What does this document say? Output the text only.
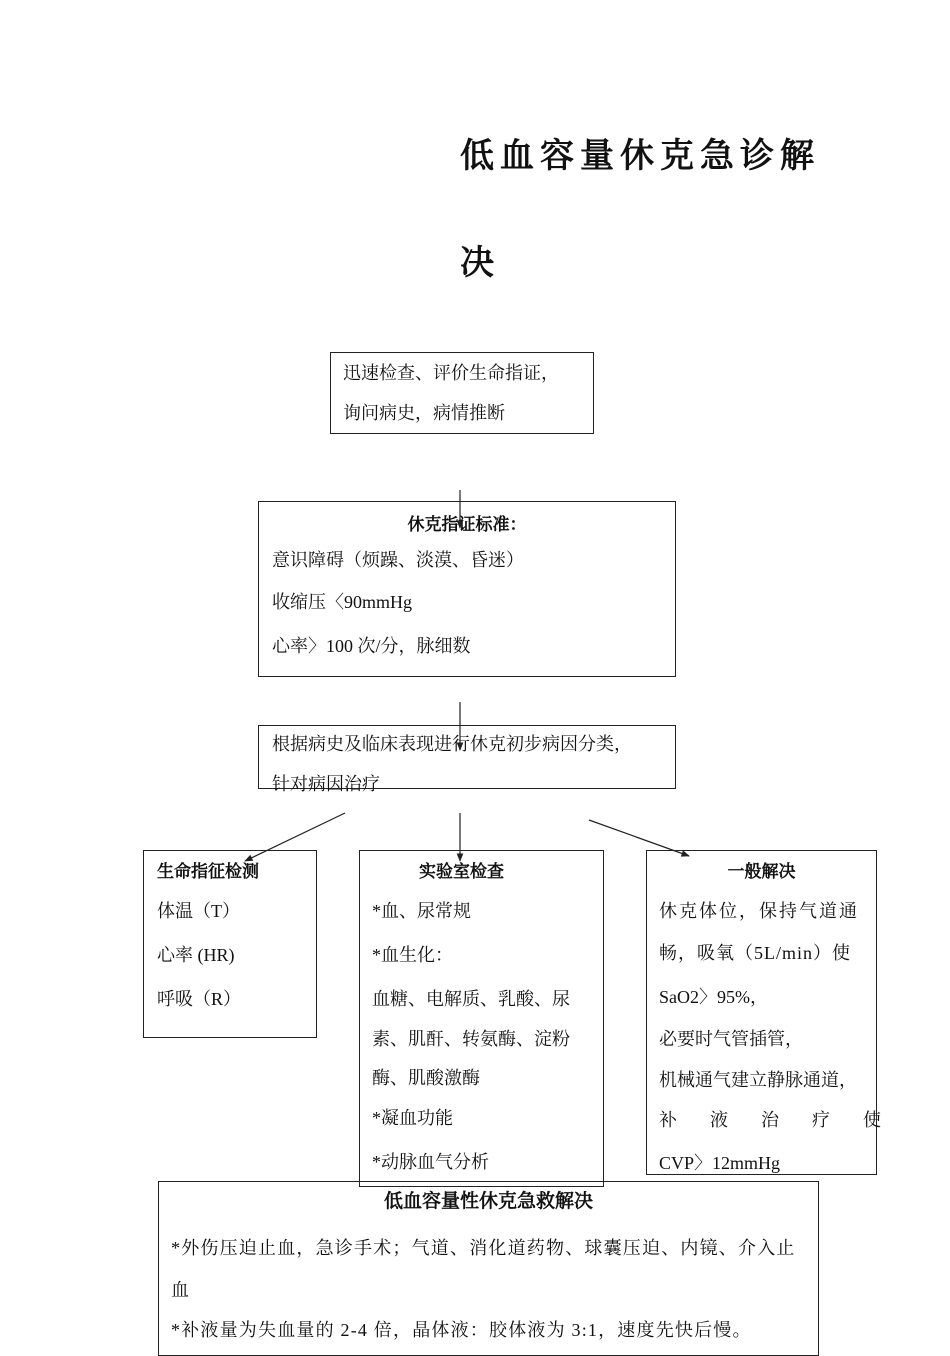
低血容量休克急诊解
决
迅速检查、评价生命指证，
询问病史，病情推断
休克指证标准：
意识障碍（烦躁、淡漠、昏迷）
收缩压〈90mmHg
心率〉100 次/分，脉细数
根据病史及临床表现进行休克初步病因分类，
针对病因治疗
生命指征检测
体温（T）
心率 (HR)
呼吸（R）
实验室检查
*血、尿常规
*血生化：
血糖、电解质、乳酸、尿
素、肌酐、转氨酶、淀粉
酶、肌酸激酶
*凝血功能
*动脉血气分析
一般解决
休克体位，保持气道通
畅，吸氧（5L/min）使
SaO2〉95%，
必要时气管插管，
机械通气建立静脉通道，
补液治疗使
CVP〉12mmHg
低血容量性休克急救解决
*外伤压迫止血，急诊手术；气道、消化道药物、球囊压迫、内镜、介入止
血
*补液量为失血量的 2-4 倍，晶体液：胶体液为 3:1，速度先快后慢。
